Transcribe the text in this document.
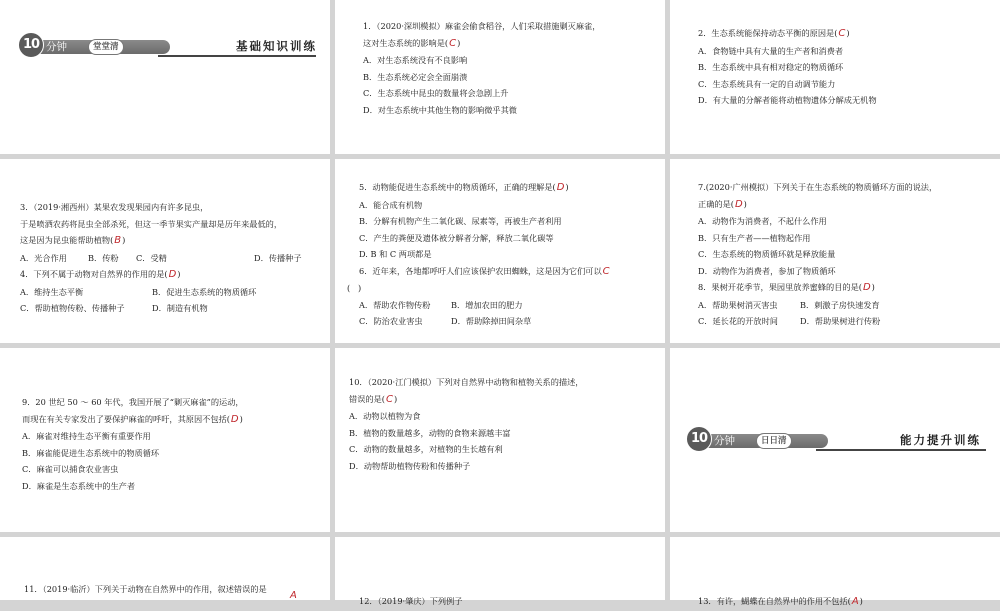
10 分钟	堂堂清	基础知识训练
1．（2020·深圳模拟）麻雀会偷食稻谷，人们采取措施剿灭麻雀，
这对生态系统的影响是(C)
A．对生态系统没有不良影响
B．生态系统必定会全面崩溃
C．生态系统中昆虫的数量将会急剧上升
D．对生态系统中其他生物的影响微乎其微
2．生态系统能保持动态平衡的原因是(C)
A．食物链中具有大量的生产者和消费者
B．生态系统中具有相对稳定的物质循环
C．生态系统具有一定的自动调节能力
D．有大量的分解者能将动植物遗体分解成无机物
3．（2019·湘西州）某果农发现果园内有许多昆虫，
于是喷洒农药将昆虫全部杀死，但这一季节果实产量却是历年来最低的，
这是因为昆虫能帮助植物(B)
A．光合作用	B．传粉 C．受精	D．传播种子
4．下列不属于动物对自然界的作用的是(D)
A．维持生态平衡	B．促进生态系统的物质循环
C．帮助植物传粉、传播种子	D．制造有机物
5．动物能促进生态系统中的物质循环，正确的理解是(D)
A．能合成有机物
B．分解有机物产生二氧化碳、尿素等，再被生产者利用
C．产生的粪便及遗体被分解者分解，释放二氧化碳等
D. B 和 C 两项都是
6．近年来，各地都呼吁人们应该保护农田蜘蛛，这是因为它们可以C
( )
A．帮助农作物传粉	B．增加农田的肥力
C．防治农业害虫	D．帮助除掉田间杂草
7.(2020·广州模拟）下列关于在生态系统的物质循环方面的说法，
正确的是(D)
A．动物作为消费者，不起什么作用
B．只有生产者——植物起作用
C．生态系统的物质循环就是释放能量
D．动物作为消费者，参加了物质循环
8．果树开花季节，果园里放养蜜蜂的目的是(D)
A．帮助果树消灭害虫	B．刺激子房快速发育
C．延长花的开放时间	D．帮助果树进行传粉
9．20 世纪 50 ～ 60 年代，我国开展了“剿灭麻雀”的运动，
而现在有关专家发出了要保护麻雀的呼吁，其原因不包括(D)
A．麻雀对维持生态平衡有重要作用
B．麻雀能促进生态系统中的物质循环
C．麻雀可以捕食农业害虫
D．麻雀是生态系统中的生产者
10．（2020·江门模拟）下列对自然界中动物和植物关系的描述，
错误的是(C)
A．动物以植物为食
B．植物的数量越多，动物的食物来源越丰富
C．动物的数量越多，对植物的生长越有利
D．动物帮助植物传粉和传播种子
10 分钟	日日清	能力提升训练
11．（2019·临沂）下列关于动物在自然界中的作用，叙述错误的是
A	12．（2019·肇庆）下列例子	13．有许，蝴蝶在自然界中的作用不包括(A)
